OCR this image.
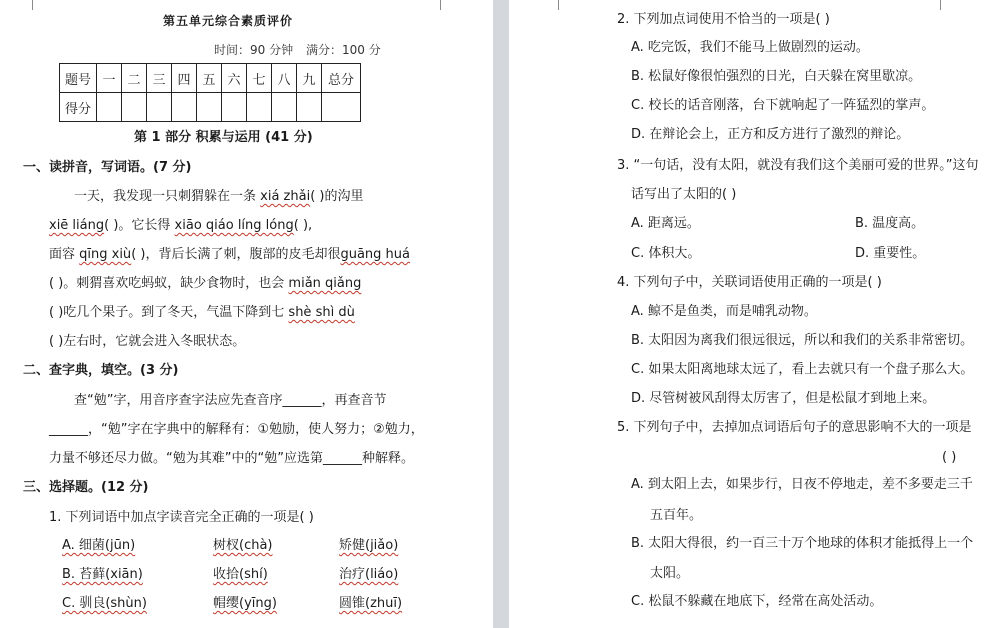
第五单元综合素质评价
时间：90 分钟 满分：100 分
题号	一	二	三	四	五	六	七	八	九	总分
得分										
第 1 部分 积累与运用 (41 分)
一、读拼音，写词语。(7 分)
一天，我发现一只刺猬躲在一条 xiá zhǎi( )的沟里
xiē liáng( )。它长得 xiāo qiáo líng lóng( ),
面容 qīng xiù( )，背后长满了刺，腹部的皮毛却很guāng huá
( )。刺猬喜欢吃蚂蚁，缺少食物时，也会 miǎn qiǎng
( )吃几个果子。到了冬天，气温下降到七 shè shì dù
( )左右时，它就会进入冬眠状态。
二、查字典，填空。(3 分)
查“勉”字，用音序查字法应先查音序______，再查音节
______，“勉”字在字典中的解释有：①勉励，使人努力；②勉力，
力量不够还尽力做。“勉为其难”中的“勉”应选第______种解释。
三、选择题。(12 分)
1. 下列词语中加点字读音完全正确的一项是( )
A. 细菌(jūn)	树杈(chà)	矫健(jiǎo)
B. 苔藓(xiān)	收拾(shí)	治疗(liáo)
C. 驯良(shùn)	帽缨(yīng)	圆锥(zhuī)
2. 下列加点词使用不恰当的一项是( )
A. 吃完饭，我们不能马上做剧烈的运动。
B. 松鼠好像很怕强烈的日光，白天躲在窝里歇凉。
C. 校长的话音刚落，台下就响起了一阵猛烈的掌声。
D. 在辩论会上，正方和反方进行了激烈的辩论。
3. “一句话，没有太阳，就没有我们这个美丽可爱的世界。”这句
话写出了太阳的( )
A. 距离远。	B. 温度高。
C. 体积大。	D. 重要性。
4. 下列句子中，关联词语使用正确的一项是( )
A. 鲸不是鱼类，而是哺乳动物。
B. 太阳因为离我们很远很远，所以和我们的关系非常密切。
C. 如果太阳离地球太远了，看上去就只有一个盘子那么大。
D. 尽管树被风刮得太厉害了，但是松鼠才到地上来。
5. 下列句子中，去掉加点词语后句子的意思影响不大的一项是
( )
A. 到太阳上去，如果步行，日夜不停地走，差不多要走三千
五百年。
B. 太阳大得很，约一百三十万个地球的体积才能抵得上一个
太阳。
C. 松鼠不躲藏在地底下，经常在高处活动。
